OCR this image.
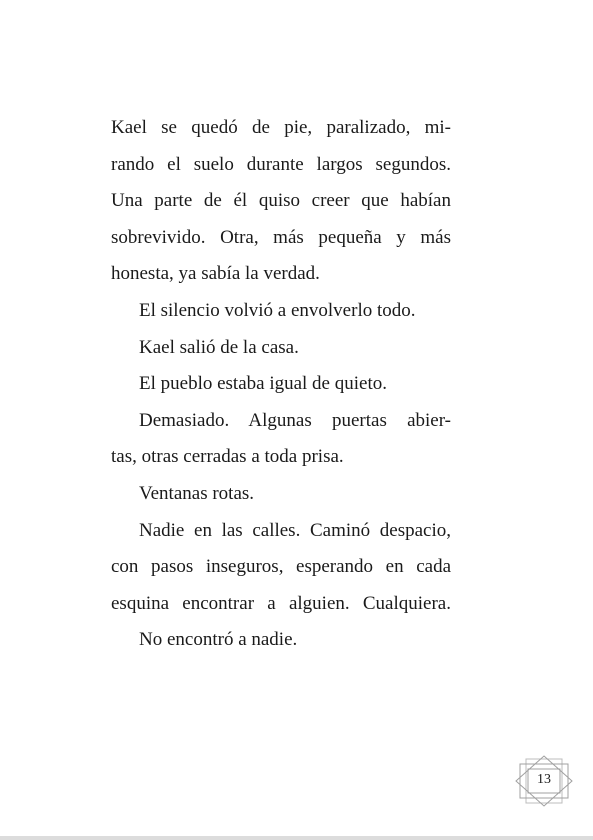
Kael se quedó de pie, paralizado, mi-
rando el suelo durante largos segundos.
Una parte de él quiso creer que habían
sobrevivido. Otra, más pequeña y más
honesta, ya sabía la verdad.
El silencio volvió a envolverlo todo.
Kael salió de la casa.
El pueblo estaba igual de quieto.
Demasiado. Algunas puertas abier-
tas, otras cerradas a toda prisa.
Ventanas rotas.
Nadie en las calles. Caminó despacio,
con pasos inseguros, esperando en cada
esquina encontrar a alguien. Cualquiera.
No encontró a nadie.
13
